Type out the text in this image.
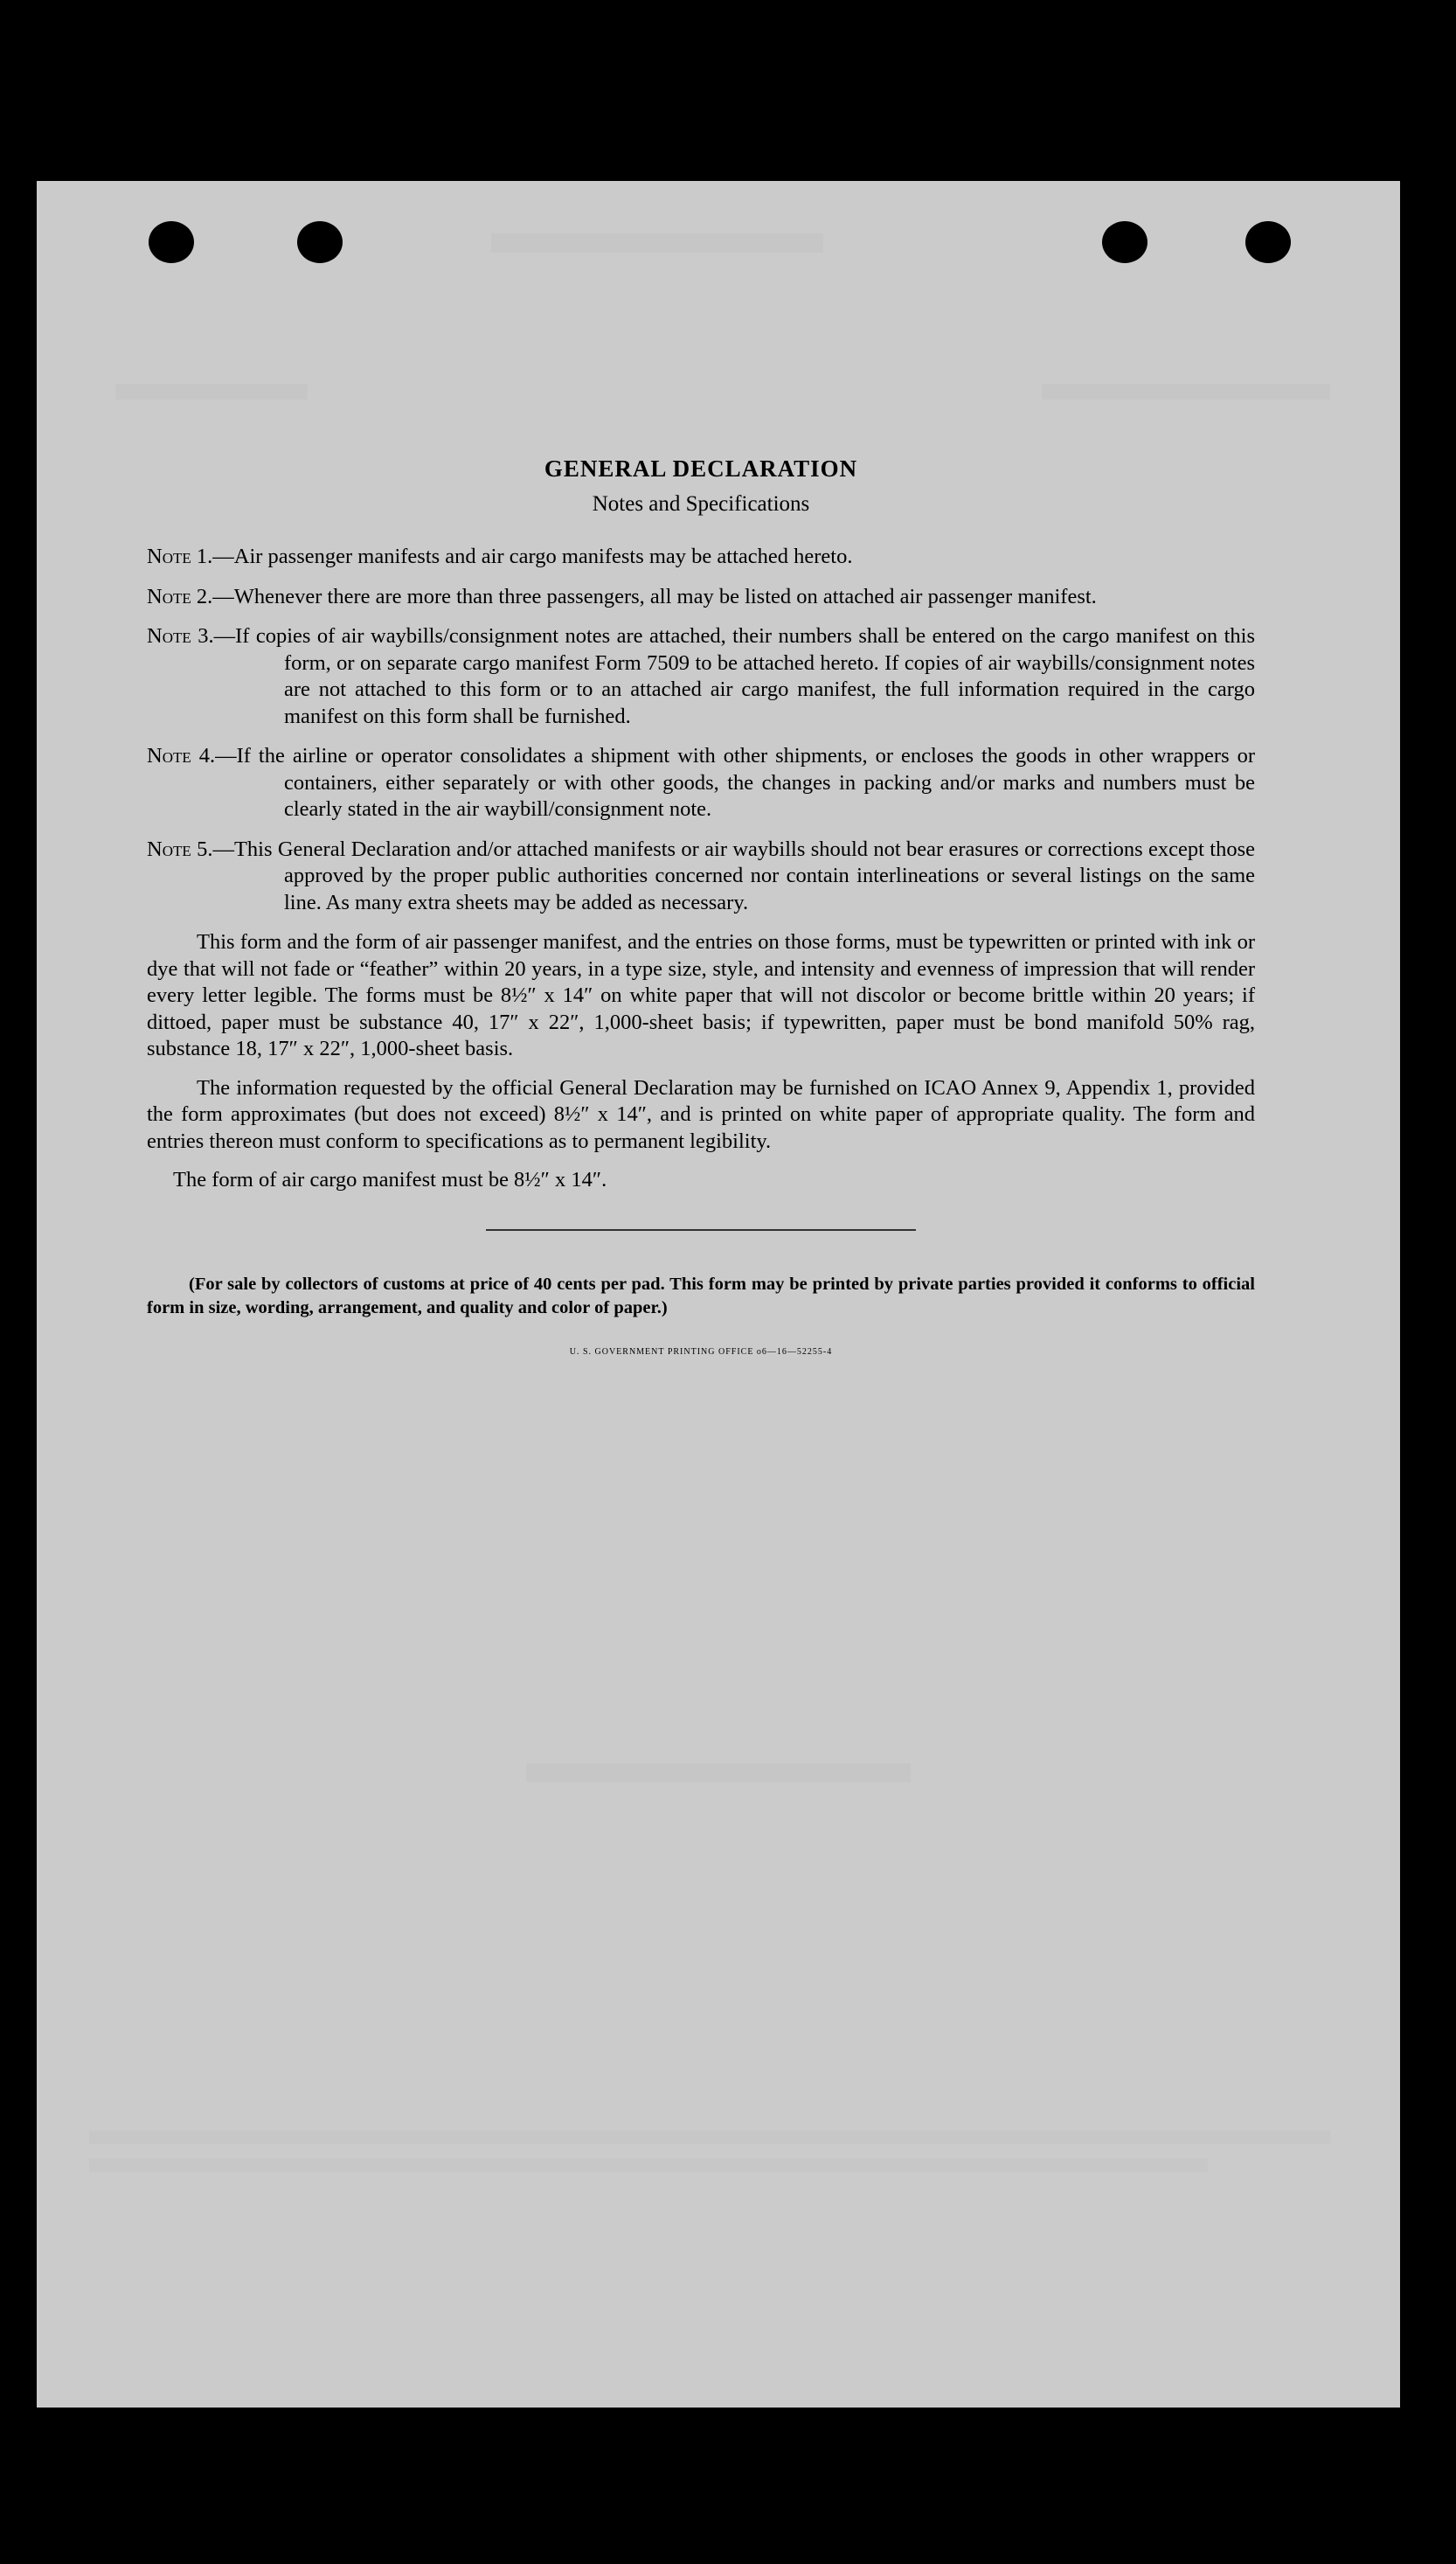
GENERAL DECLARATION
Notes and Specifications
Note 1.—Air passenger manifests and air cargo manifests may be attached hereto.
Note 2.—Whenever there are more than three passengers, all may be listed on attached air passenger manifest.
Note 3.—If copies of air waybills/consignment notes are attached, their numbers shall be entered on the cargo manifest on this form, or on separate cargo manifest Form 7509 to be attached hereto. If copies of air waybills/consignment notes are not attached to this form or to an attached air cargo manifest, the full information required in the cargo manifest on this form shall be furnished.
Note 4.—If the airline or operator consolidates a shipment with other shipments, or encloses the goods in other wrappers or containers, either separately or with other goods, the changes in packing and/or marks and numbers must be clearly stated in the air waybill/consignment note.
Note 5.—This General Declaration and/or attached manifests or air waybills should not bear erasures or corrections except those approved by the proper public authorities concerned nor contain interlineations or several listings on the same line. As many extra sheets may be added as necessary.

This form and the form of air passenger manifest, and the entries on those forms, must be typewritten or printed with ink or dye that will not fade or “feather” within 20 years, in a type size, style, and intensity and evenness of impression that will render every letter legible. The forms must be 8½″ x 14″ on white paper that will not discolor or become brittle within 20 years; if dittoed, paper must be substance 40, 17″ x 22″, 1,000-sheet basis; if typewritten, paper must be bond manifold 50% rag, substance 18, 17″ x 22″, 1,000-sheet basis.

The information requested by the official General Declaration may be furnished on ICAO Annex 9, Appendix 1, provided the form approximates (but does not exceed) 8½″ x 14″, and is printed on white paper of appropriate quality. The form and entries thereon must conform to specifications as to permanent legibility.

The form of air cargo manifest must be 8½″ x 14″.

(For sale by collectors of customs at price of 40 cents per pad. This form may be printed by private parties provided it conforms to official form in size, wording, arrangement, and quality and color of paper.)

U. S. GOVERNMENT PRINTING OFFICE o6—16—52255-4
